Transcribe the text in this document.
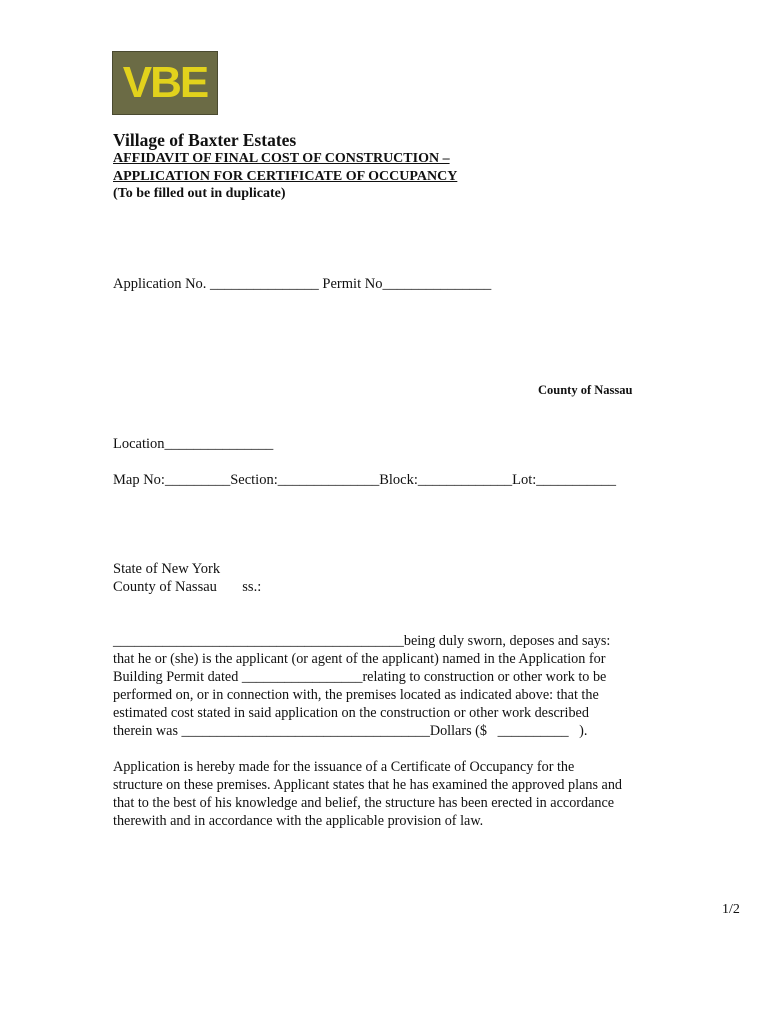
VBE
Village of Baxter Estates
AFFIDAVIT OF FINAL COST OF CONSTRUCTION –
APPLICATION FOR CERTIFICATE OF OCCUPANCY
(To be filled out in duplicate)
Application No. _______________ Permit No_______________
County of Nassau
Location_______________
Map No:_________Section:______________Block:_____________Lot:___________
State of New York
County of Nassau       ss.:
_________________________________________being duly sworn, deposes and says:
that he or (she) is the applicant (or agent of the applicant) named in the Application for
Building Permit dated _________________relating to construction or other work to be
performed on, or in connection with, the premises located as indicated above: that the
estimated cost stated in said application on the construction or other work described
therein was ___________________________________Dollars ($   __________   ).
Application is hereby made for the issuance of a Certificate of Occupancy for the
structure on these premises. Applicant states that he has examined the approved plans and
that to the best of his knowledge and belief, the structure has been erected in accordance
therewith and in accordance with the applicable provision of law.
1/2
